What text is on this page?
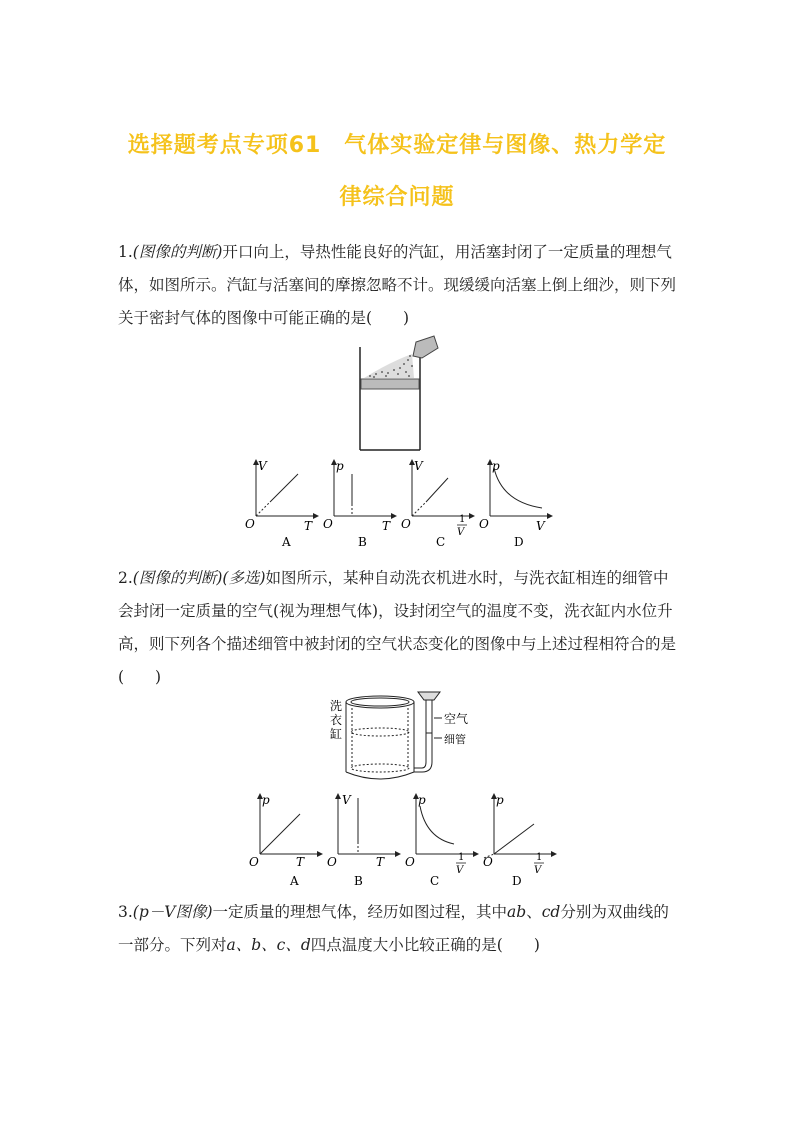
选择题考点专项61　气体实验定律与图像、热力学定
律综合问题

1.(图像的判断)开口向上，导热性能良好的汽缸，用活塞封闭了一定质量的理想气体，如图所示。汽缸与活塞间的摩擦忽略不计。现缓缓向活塞上倒上细沙，则下列关于密封气体的图像中可能正确的是(　　)

V
O	T
A
p
O	T
B
V
O	1
V
C
p
O	V
D

2.(图像的判断)(多选)如图所示，某种自动洗衣机进水时，与洗衣缸相连的细管中会封闭一定质量的空气(视为理想气体)，设封闭空气的温度不变，洗衣缸内水位升高，则下列各个描述细管中被封闭的空气状态变化的图像中与上述过程相符合的是(　　)

洗
衣
缸
空气
细管
p
O	T
A
V
O	T
B
p
O	1
V
C
p
O	1
V
D

3.(p－V图像)一定质量的理想气体，经历如图过程，其中ab、cd分别为双曲线的一部分。下列对a、b、c、d四点温度大小比较正确的是(　　)
